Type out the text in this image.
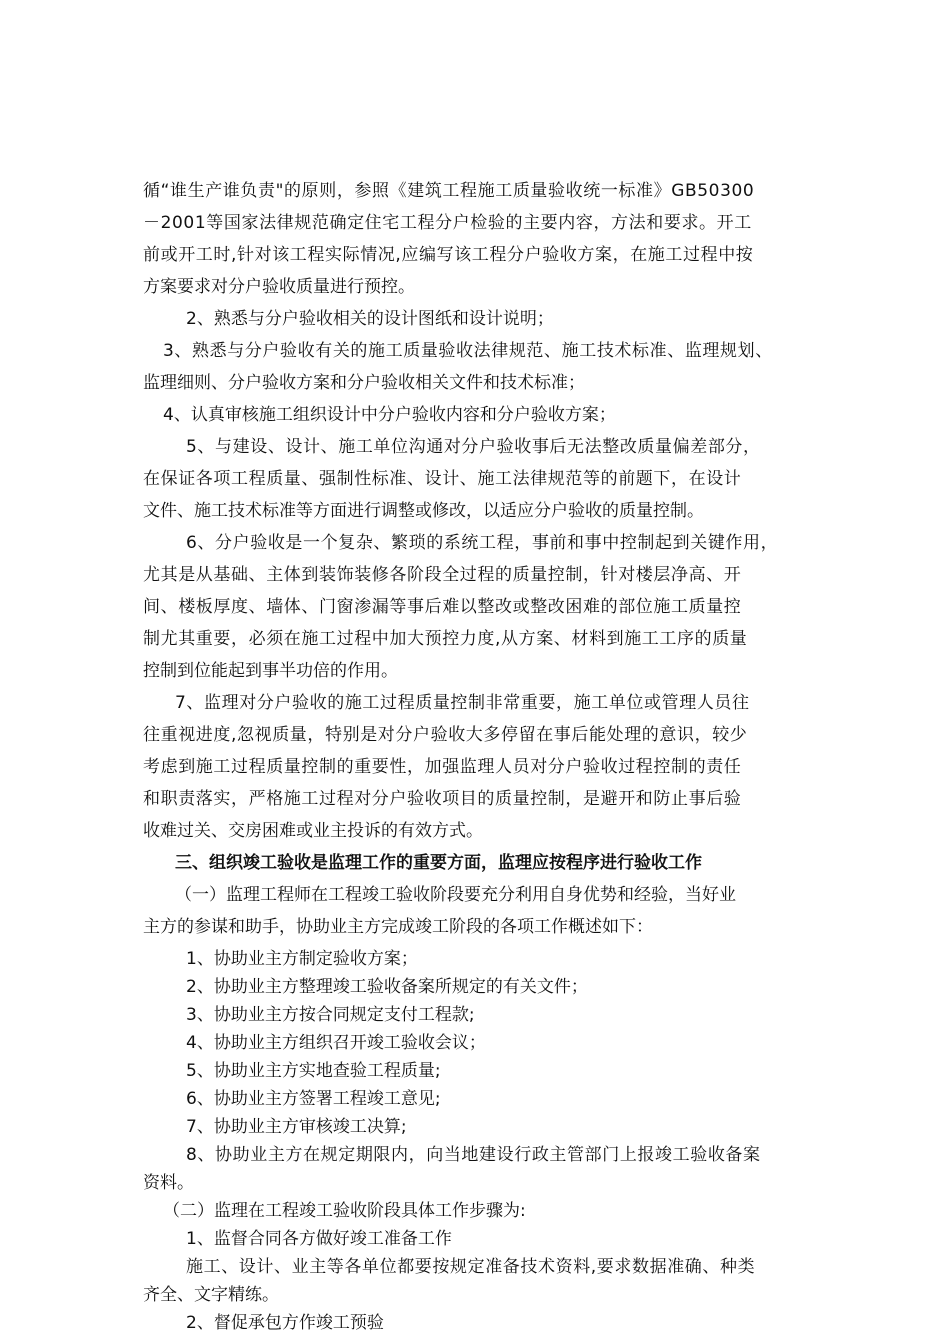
循“谁生产谁负责"的原则，参照《建筑工程施工质量验收统一标准》GB50300

－2001等国家法律规范确定住宅工程分户检验的主要内容，方法和要求。开工

前或开工时,针对该工程实际情况,应编写该工程分户验收方案，在施工过程中按

方案要求对分户验收质量进行预控。

2、熟悉与分户验收相关的设计图纸和设计说明；

3、熟悉与分户验收有关的施工质量验收法律规范、施工技术标准、监理规划、

监理细则、分户验收方案和分户验收相关文件和技术标准；

4、认真审核施工组织设计中分户验收内容和分户验收方案；

5、与建设、设计、施工单位沟通对分户验收事后无法整改质量偏差部分，

在保证各项工程质量、强制性标准、设计、施工法律规范等的前题下，在设计

文件、施工技术标准等方面进行调整或修改，以适应分户验收的质量控制。

6、分户验收是一个复杂、繁琐的系统工程，事前和事中控制起到关键作用，

尤其是从基础、主体到装饰装修各阶段全过程的质量控制，针对楼层净高、开

间、楼板厚度、墙体、门窗渗漏等事后难以整改或整改困难的部位施工质量控

制尤其重要，必须在施工过程中加大预控力度,从方案、材料到施工工序的质量

控制到位能起到事半功倍的作用。

7、监理对分户验收的施工过程质量控制非常重要，施工单位或管理人员往

往重视进度,忽视质量，特别是对分户验收大多停留在事后能处理的意识，较少

考虑到施工过程质量控制的重要性，加强监理人员对分户验收过程控制的责任

和职责落实，严格施工过程对分户验收项目的质量控制，是避开和防止事后验

收难过关、交房困难或业主投诉的有效方式。

三、组织竣工验收是监理工作的重要方面，监理应按程序进行验收工作

（一）监理工程师在工程竣工验收阶段要充分利用自身优势和经验，当好业

主方的参谋和助手，协助业主方完成竣工阶段的各项工作概述如下：

1、协助业主方制定验收方案；

2、协助业主方整理竣工验收备案所规定的有关文件；

3、协助业主方按合同规定支付工程款;

4、协助业主方组织召开竣工验收会议；

5、协助业主方实地查验工程质量;

6、协助业主方签署工程竣工意见;

7、协助业主方审核竣工决算;

8、协助业主方在规定期限内，向当地建设行政主管部门上报竣工验收备案

资料。

（二）监理在工程竣工验收阶段具体工作步骤为:

1、监督合同各方做好竣工准备工作

施工、设计、业主等各单位都要按规定准备技术资料,要求数据准确、种类

齐全、文字精练。

2、督促承包方作竣工预验
